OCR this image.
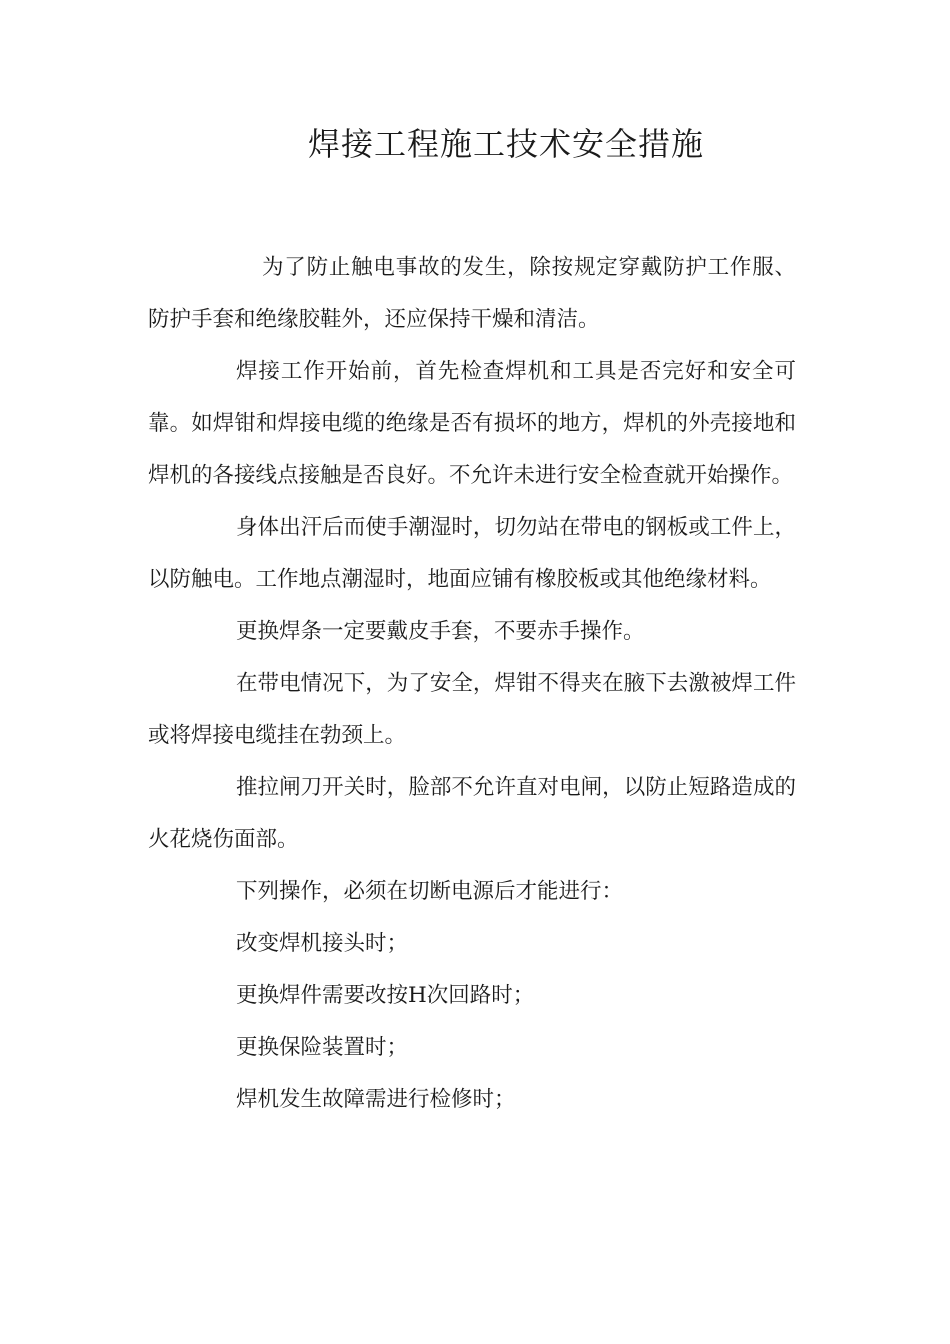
焊接工程施工技术安全措施

为了防止触电事故的发生，除按规定穿戴防护工作服、防护手套和绝缘胶鞋外，还应保持干燥和清洁。

焊接工作开始前，首先检查焊机和工具是否完好和安全可靠。如焊钳和焊接电缆的绝缘是否有损坏的地方，焊机的外壳接地和焊机的各接线点接触是否良好。不允许未进行安全检查就开始操作。

身体出汗后而使手潮湿时，切勿站在带电的钢板或工件上，以防触电。工作地点潮湿时，地面应铺有橡胶板或其他绝缘材料。

更换焊条一定要戴皮手套，不要赤手操作。

在带电情况下，为了安全，焊钳不得夹在腋下去激被焊工件或将焊接电缆挂在勃颈上。

推拉闸刀开关时，脸部不允许直对电闸，以防止短路造成的火花烧伤面部。

下列操作，必须在切断电源后才能进行：

改变焊机接头时；

更换焊件需要改按H次回路时；

更换保险装置时；

焊机发生故障需进行检修时；
